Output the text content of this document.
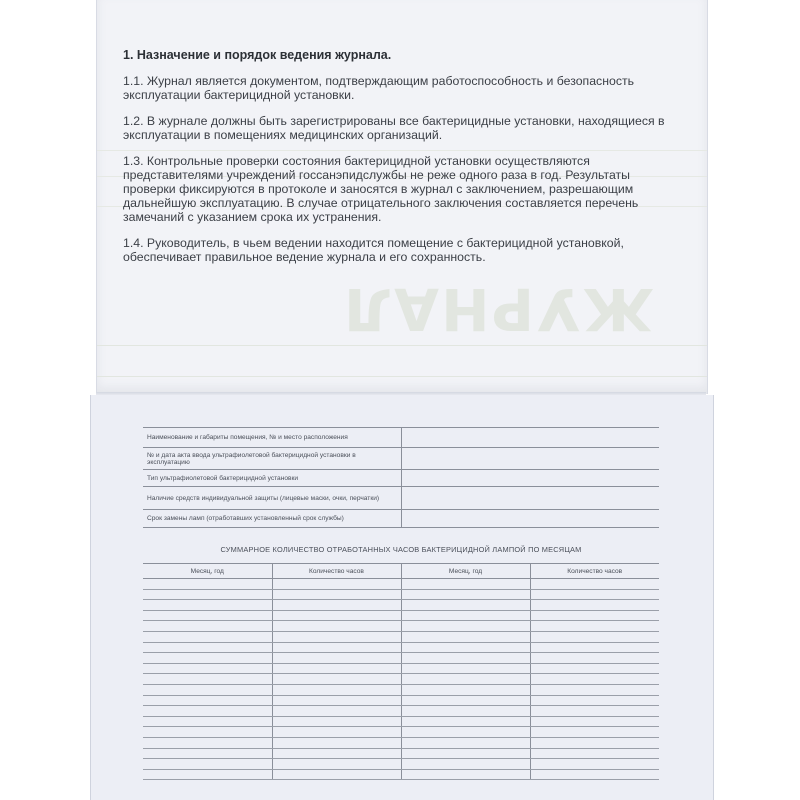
ЖУРНАЛ
1. Назначение и порядок ведения журнала.

1.1. Журнал является документом, подтверждающим работоспособность и безопасность эксплуатации бактерицидной установки.

1.2. В журнале должны быть зарегистрированы все бактерицидные установки, находящиеся в эксплуатации в помещениях медицинских организаций.

1.3. Контрольные проверки состояния бактерицидной установки осуществляются представителями учреждений госсанэпидслужбы не реже одного раза в год. Результаты проверки фиксируются в протоколе и заносятся в журнал с заключением, разрешающим дальнейшую эксплуатацию. В случае отрицательного заключения составляется перечень замечаний с указанием срока их устранения.

1.4. Руководитель, в чьем ведении находится помещение с бактерицидной установкой, обеспечивает правильное ведение журнала и его сохранность.

Наименование и габариты помещения, № и место расположения	
№ и дата акта ввода ультрафиолетовой бактерицидной установки в эксплуатацию	
Тип ультрафиолетовой бактерицидной установки	
Наличие средств индивидуальной защиты (лицевые маски, очки, перчатки)	
Срок замены ламп (отработавших установленный срок службы)	
СУММАРНОЕ КОЛИЧЕСТВО ОТРАБОТАННЫХ ЧАСОВ БАКТЕРИЦИДНОЙ ЛАМПОЙ ПО МЕСЯЦАМ
Месяц, год	Количество часов	Месяц, год	Количество часов
